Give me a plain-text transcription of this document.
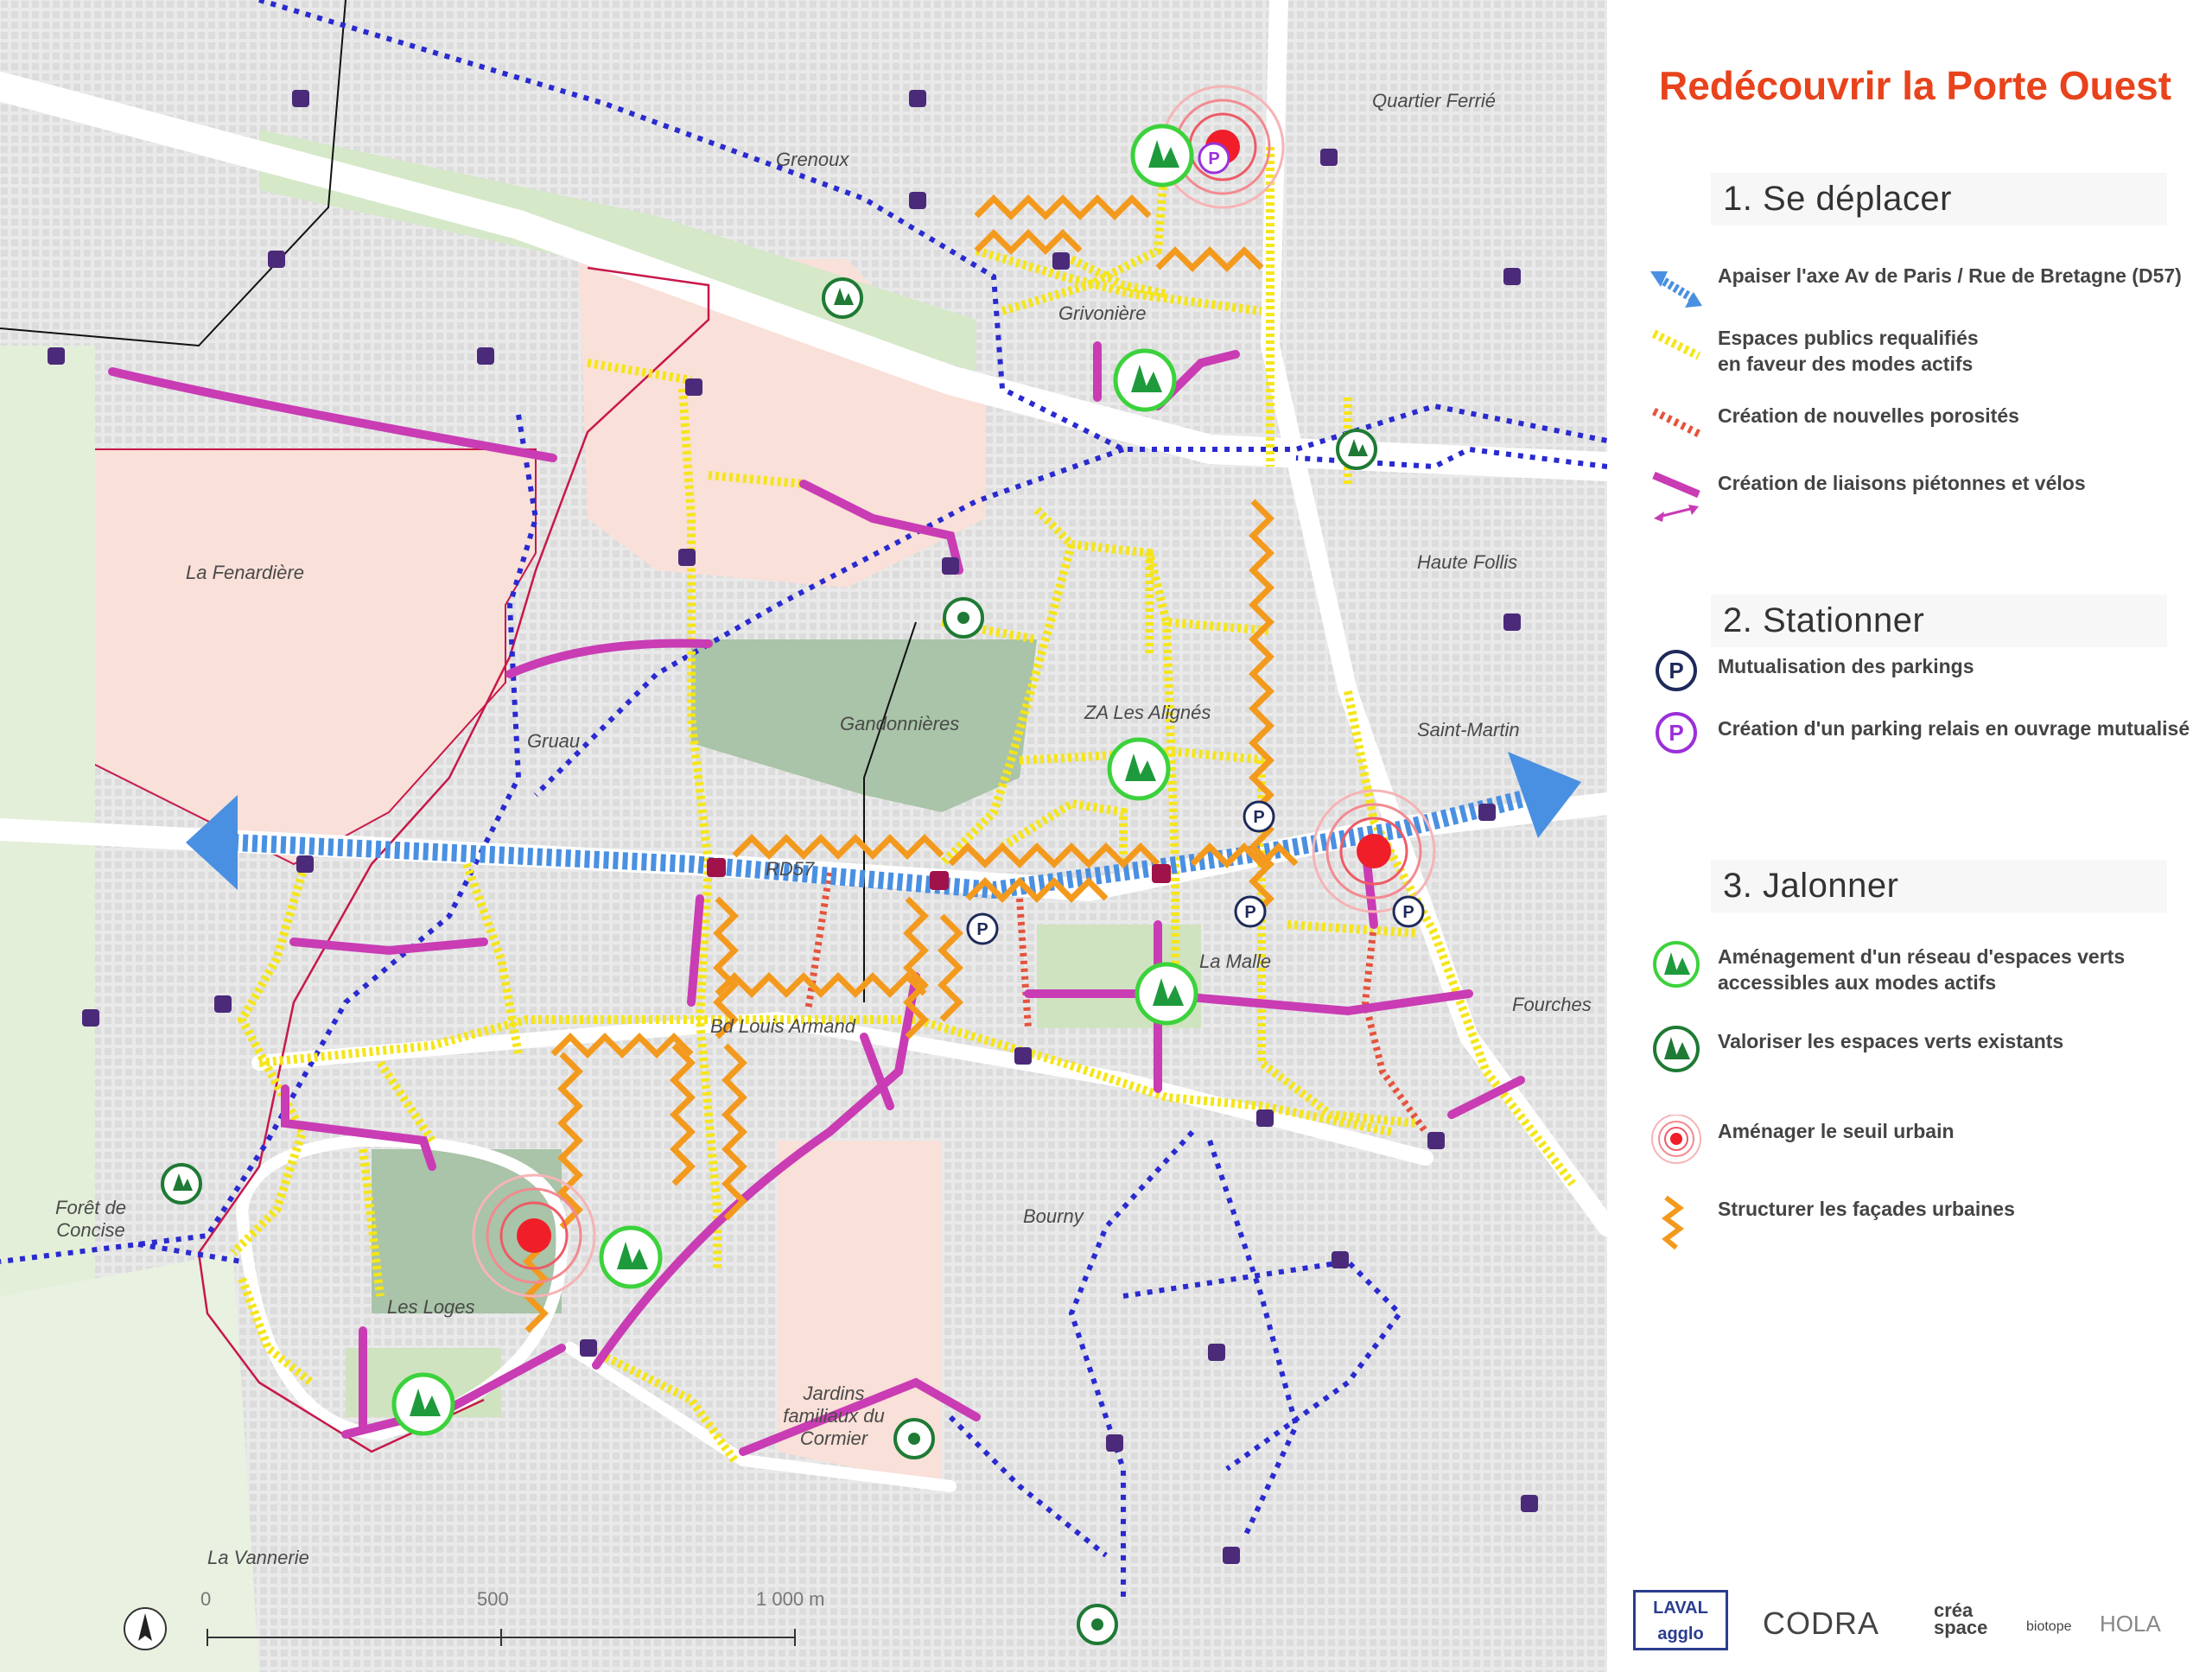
P
P	P
P
P
Quartier Ferrié
Grenoux
Grivonière
La Fenardière	Haute Follis
Gandonnières
ZA Les Alignés
Saint-Martin
Gruau
RD57
La Malle
Bd Louis Armand
Fourches
Forêt de Concise
Bourny
Les Loges
Jardins familiaux du Cormier
La Vannerie
0	500	1 000 m
Redécouvrir la Porte Ouest
1. Se déplacer
Apaiser l'axe Av de Paris / Rue de Bretagne (D57)
Espaces publics requalifiés en faveur des modes actifs
Création de nouvelles porosités
Création de liaisons piétonnes et vélos
2. Stationner
P Mutualisation des parkings
P Création d'un parking relais en ouvrage mutualisé
3. Jalonner
Aménagement d'un réseau d'espaces verts accessibles aux modes actifs
Valoriser les espaces verts existants
Aménager le seuil urbain
Structurer les façades urbaines
LAVAL agglo	CODRA	créa space	biotope HOLA
